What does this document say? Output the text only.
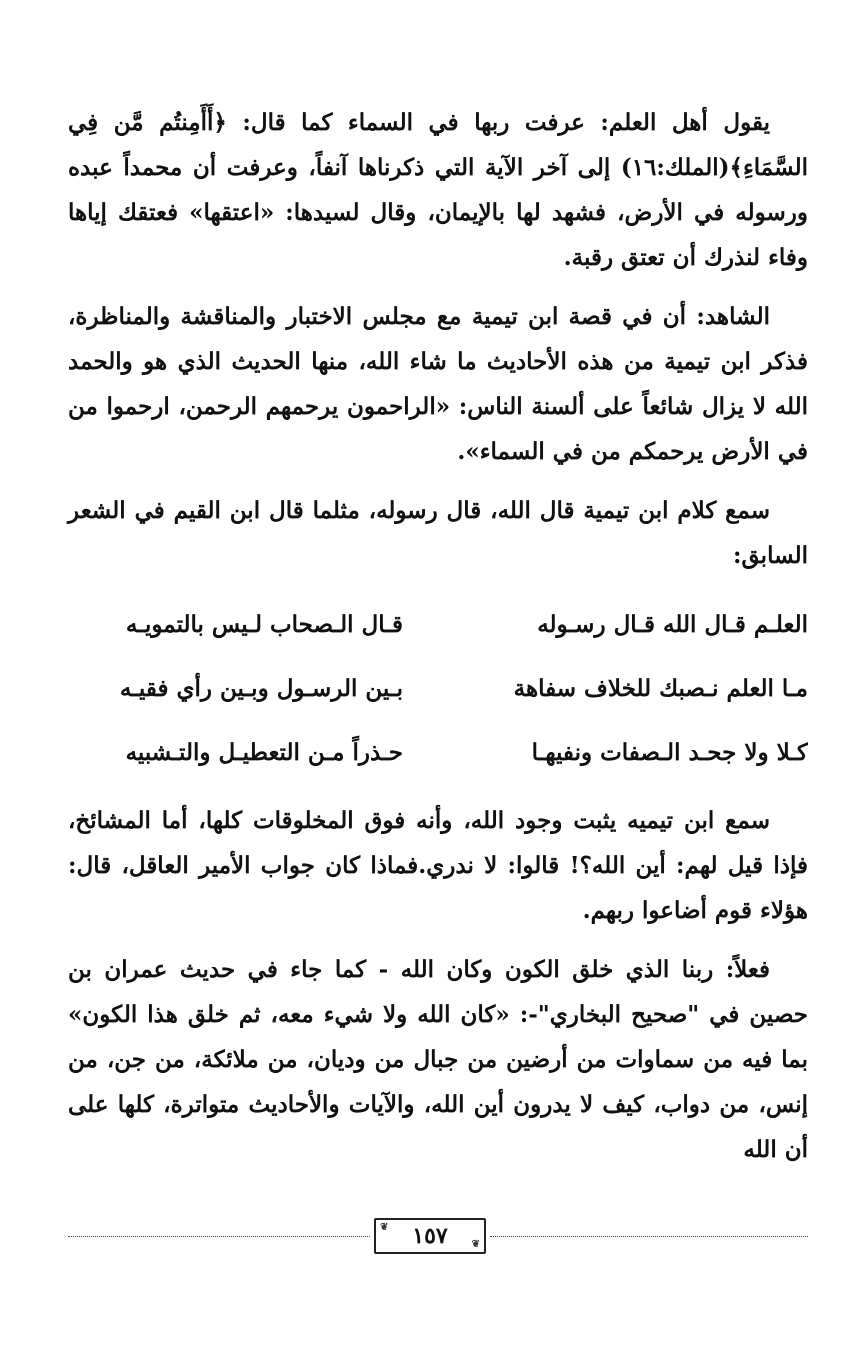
يقول أهل العلم: عرفت ربها في السماء كما قال: ﴿أَأَمِنتُم مَّن فِي السَّمَاءِ﴾(الملك:١٦) إلى آخر الآية التي ذكرناها آنفاً، وعرفت أن محمداً عبده ورسوله في الأرض، فشهد لها بالإيمان، وقال لسيدها: «اعتقها» فعتقك إياها وفاء لنذرك أن تعتق رقبة.

الشاهد: أن في قصة ابن تيمية مع مجلس الاختبار والمناقشة والمناظرة، فذكر ابن تيمية من هذه الأحاديث ما شاء الله، منها الحديث الذي هو والحمد الله لا يزال شائعاً على ألسنة الناس: «الراحمون يرحمهم الرحمن، ارحموا من في الأرض يرحمكم من في السماء».

سمع كلام ابن تيمية قال الله، قال رسوله، مثلما قال ابن القيم في الشعر السابق:

العلـم قـال الله قـال رسـوله
قـال الـصحاب لـيس بالتمويـه
مـا العلم نـصبك للخلاف سفاهة
بـين الرسـول وبـين رأي فقيـه
كـلا ولا جحـد الـصفات ونفيهـا
حـذراً مـن التعطيـل والتـشبيه

سمع ابن تيميه يثبت وجود الله، وأنه فوق المخلوقات كلها، أما المشائخ، فإذا قيل لهم: أين الله؟! قالوا: لا ندري.فماذا كان جواب الأمير العاقل، قال: هؤلاء قوم أضاعوا ربهم.

فعلاً: ربنا الذي خلق الكون وكان الله - كما جاء في حديث عمران بن حصين في "صحيح البخاري"-: «كان الله ولا شيء معه، ثم خلق هذا الكون» بما فيه من سماوات من أرضين من جبال من وديان، من ملائكة، من جن، من إنس، من دواب، كيف لا يدرون أين الله، والآيات والأحاديث متواترة، كلها على أن الله

❦ ١٥٧ ❦
